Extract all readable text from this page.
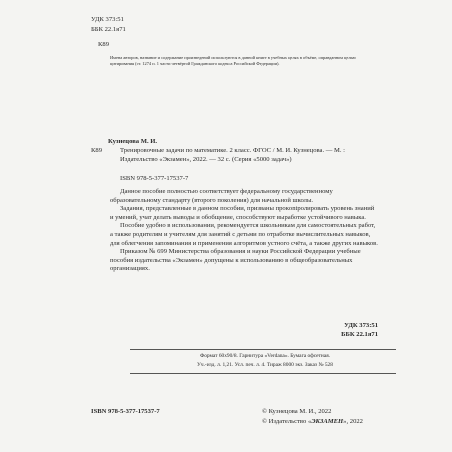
УДК 373:51
ББК 22.1я71
К89
Имена авторов, название и содержание произведений используются в данной книге в учебных целях в объёме, оправданном целью цитирования (ст. 1274 п. 1 части четвёртой Гражданского кодекса Российской Федерации).
Кузнецова М. И.
К89	Тренировочные задачи по математике. 2 класс. ФГОС / М. И. Кузнецова. — М. : Издательство «Экзамен», 2022. — 32 с. (Серия «5000 задач»)
ISBN 978-5-377-17537-7

Данное пособие полностью соответствует федеральному государственному образовательному стандарту (второго поколения) для начальной школы.

Задания, представленные в данном пособии, призваны прокontролировать уровень знаний и умений, учат делать выводы и обобщение, способствуют выработке устойчивого навыка.

Пособие удобно в использовании, рекомендуется школьникам для самостоятельных работ, а также родителям и учителям для занятий с детьми по отработке вычислительных навыков, для облегчения запоминания и применения алгоритмов устного счёта, а также других навыков.

Приказом № 699 Министерства образования и науки Российской Федерации учебные пособия издательства «Экзамен» допущены к использованию в общеобразовательных организациях.

УДК 373:51
ББК 22.1я71
Формат 60х90/8. Гарнитура «Verdana». Бумага офсетная.
Уч.-изд. л. 1,21. Усл. печ. л. 4. Тираж 8000 экз. Заказ № 528
ISBN 978-5-377-17537-7	© Кузнецова М. И., 2022
© Издательство «ЭКЗАМЕН», 2022
